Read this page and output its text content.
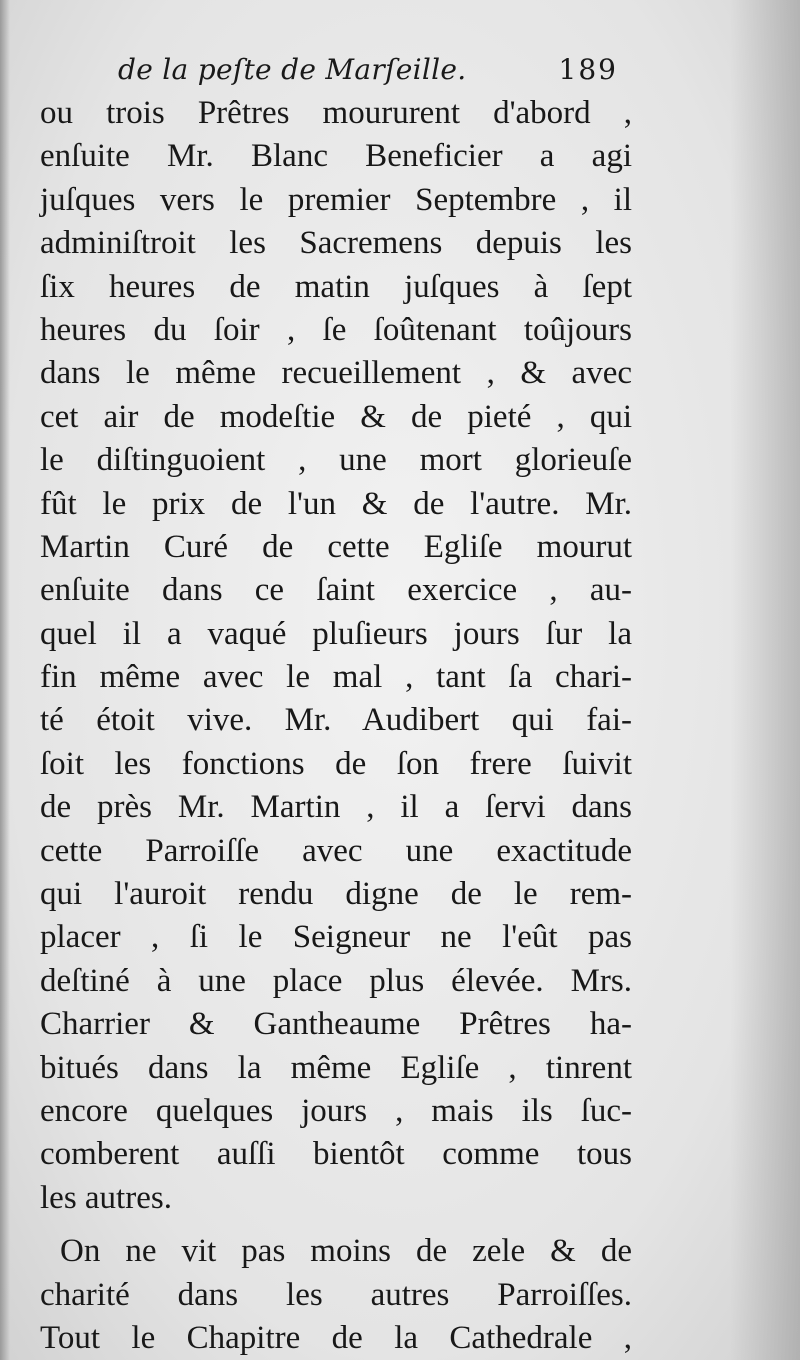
de la peſte de Marſeille.	189
ou trois Prêtres moururent d'abord ,
enſuite Mr. Blanc Beneficier a agi
juſques vers le premier Septembre , il
adminiſtroit les Sacremens depuis les
ſix heures de matin juſques à ſept
heures du ſoir , ſe ſoûtenant toûjours
dans le même recueillement , & avec
cet air de modeſtie & de pieté , qui
le diſtinguoient , une mort glorieuſe
fût le prix de l'un & de l'autre. Mr.
Martin Curé de cette Egliſe mourut
enſuite dans ce ſaint exercice , au-
quel il a vaqué pluſieurs jours ſur la
fin même avec le mal , tant ſa chari-
té étoit vive. Mr. Audibert qui fai-
ſoit les fonctions de ſon frere ſuivit
de près Mr. Martin , il a ſervi dans
cette Parroiſſe avec une exactitude
qui l'auroit rendu digne de le rem-
placer , ſi le Seigneur ne l'eût pas
deſtiné à une place plus élevée. Mrs.
Charrier & Gantheaume Prêtres ha-
bitués dans la même Egliſe , tinrent
encore quelques jours , mais ils ſuc-
comberent auſſi bientôt comme tous
les autres.
On ne vit pas moins de zele & de
charité dans les autres Parroiſſes.
Tout le Chapitre de la Cathedrale ,
